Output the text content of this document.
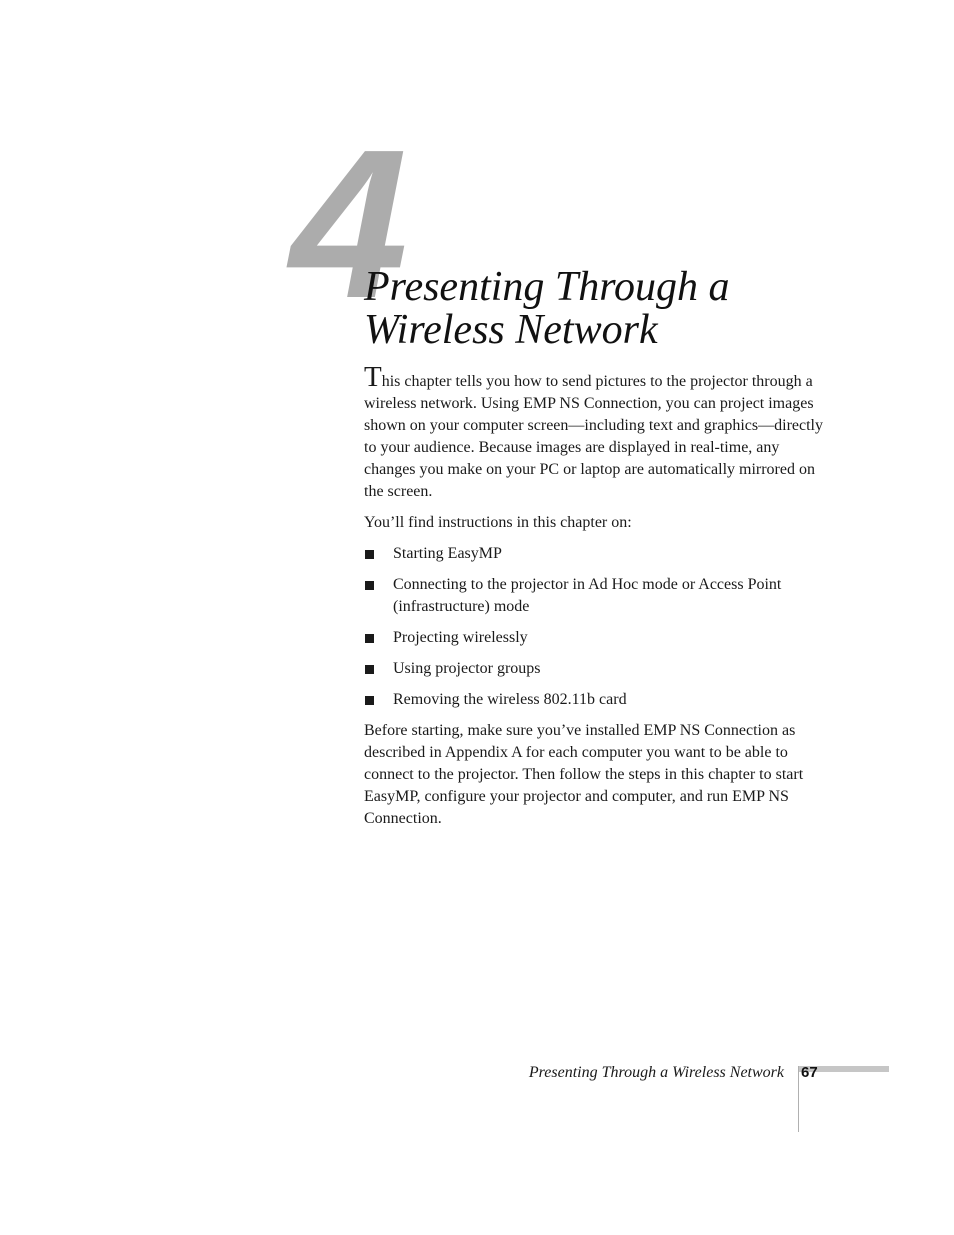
4
Presenting Through a
Wireless Network

This chapter tells you how to send pictures to the projector through a wireless network. Using EMP NS Connection, you can project images shown on your computer screen—including text and graphics—directly to your audience. Because images are displayed in real-time, any changes you make on your PC or laptop are automatically mirrored on the screen.

You’ll find instructions in this chapter on:

Starting EasyMP
Connecting to the projector in Ad Hoc mode or Access Point (infrastructure) mode
Projecting wirelessly
Using projector groups
Removing the wireless 802.11b card

Before starting, make sure you’ve installed EMP NS Connection as described in Appendix A for each computer you want to be able to connect to the projector. Then follow the steps in this chapter to start EasyMP, configure your projector and computer, and run EMP NS Connection.

Presenting Through a Wireless Network 67
